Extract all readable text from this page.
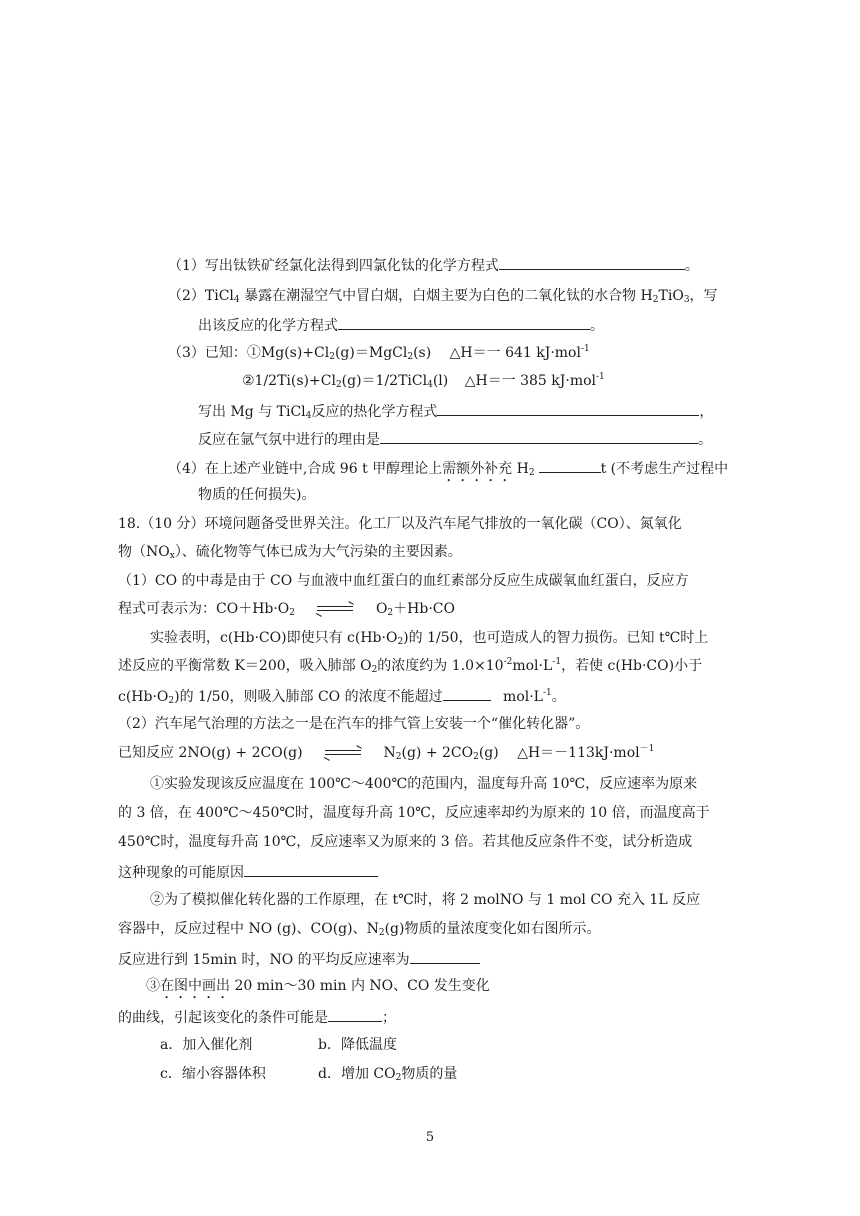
（1）写出钛铁矿经氯化法得到四氯化钛的化学方程式	。
（2）TiCl$_4$ 暴露在潮湿空气中冒白烟，白烟主要为白色的二氧化钛的水合物 $H_2TiO_3$，写
出该反应的化学方程式	。
（3）已知：$①Mg(s)+Cl_2(g)=MgCl_2(s)$ △H＝一 641 kJ·mol$^{-1}$
$②1/2Ti(s)+Cl_2(g)=1/2TiCl_4(l)$ △H＝一 385 kJ·mol$^{-1}$
写出 Mg 与 TiCl$_4$反应的热化学方程式	，
反应在氩气氛中进行的理由是	。
（4）在上述产业链中,合成 96 t 甲醇理论上需额外补充 $H_2$	t (不考虑生产过程中
物质的任何损失)。
18.（10 分）环境问题备受世界关注。化工厂以及汽车尾气排放的一氧化碳（CO）、氮氧化
物$(NO_x)$、硫化物等气体已成为大气污染的主要因素。
（1）CO 的中毒是由于 CO 与血液中血红蛋白的血红素部分反应生成碳氧血红蛋白，反应方
程式可表示为：$CO+Hb\cdot O_2 \to O_2+Hb\cdot CO$
实验表明，c(Hb·CO)即使只有 $c(Hb\cdot O_2)$的 1/50，也可造成人的智力损伤。已知 t℃时上
述反应的平衡常数 K＝200，吸入肺部 $O_2$的浓度约为 $1.0\times 10^{-2}mol\cdot L^{-1}$，若使 c(Hb·CO)小于
$c(Hb\cdot O_2)$的 1/50，则吸入肺部 CO 的浓度不能超过	$mol\cdot L^{-1}$。
（2）汽车尾气治理的方法之一是在汽车的排气管上安装一个“催化转化器”。
已知反应 $2NO(g) + 2CO(g) \to N_2(g) + 2CO_2(g)$ △H＝－113kJ·mol$^{-1}$
①实验发现该反应温度在 100℃～400℃的范围内，温度每升高 10℃，反应速率为原来
的 3 倍，在 400℃～450℃时，温度每升高 10℃，反应速率却约为原来的 10 倍，而温度高于
450℃时，温度每升高 10℃，反应速率又为原来的 3 倍。若其他反应条件不变，试分析造成
这种现象的可能原因
②为了模拟催化转化器的工作原理，在 t℃时，将 2 molNO 与 1 mol CO 充入 1L 反应
容器中，反应过程中 NO (g)、CO(g)、$N_2(g)$物质的量浓度变化如右图所示。
反应进行到 15min 时，NO 的平均反应速率为
③在图中画出 20 min～30 min 内 NO、CO 发生变化
的曲线，引起该变化的条件可能是	；
a．加入催化剂	b．降低温度
c．缩小容器体积	d．增加 $CO_2$物质的量
5
